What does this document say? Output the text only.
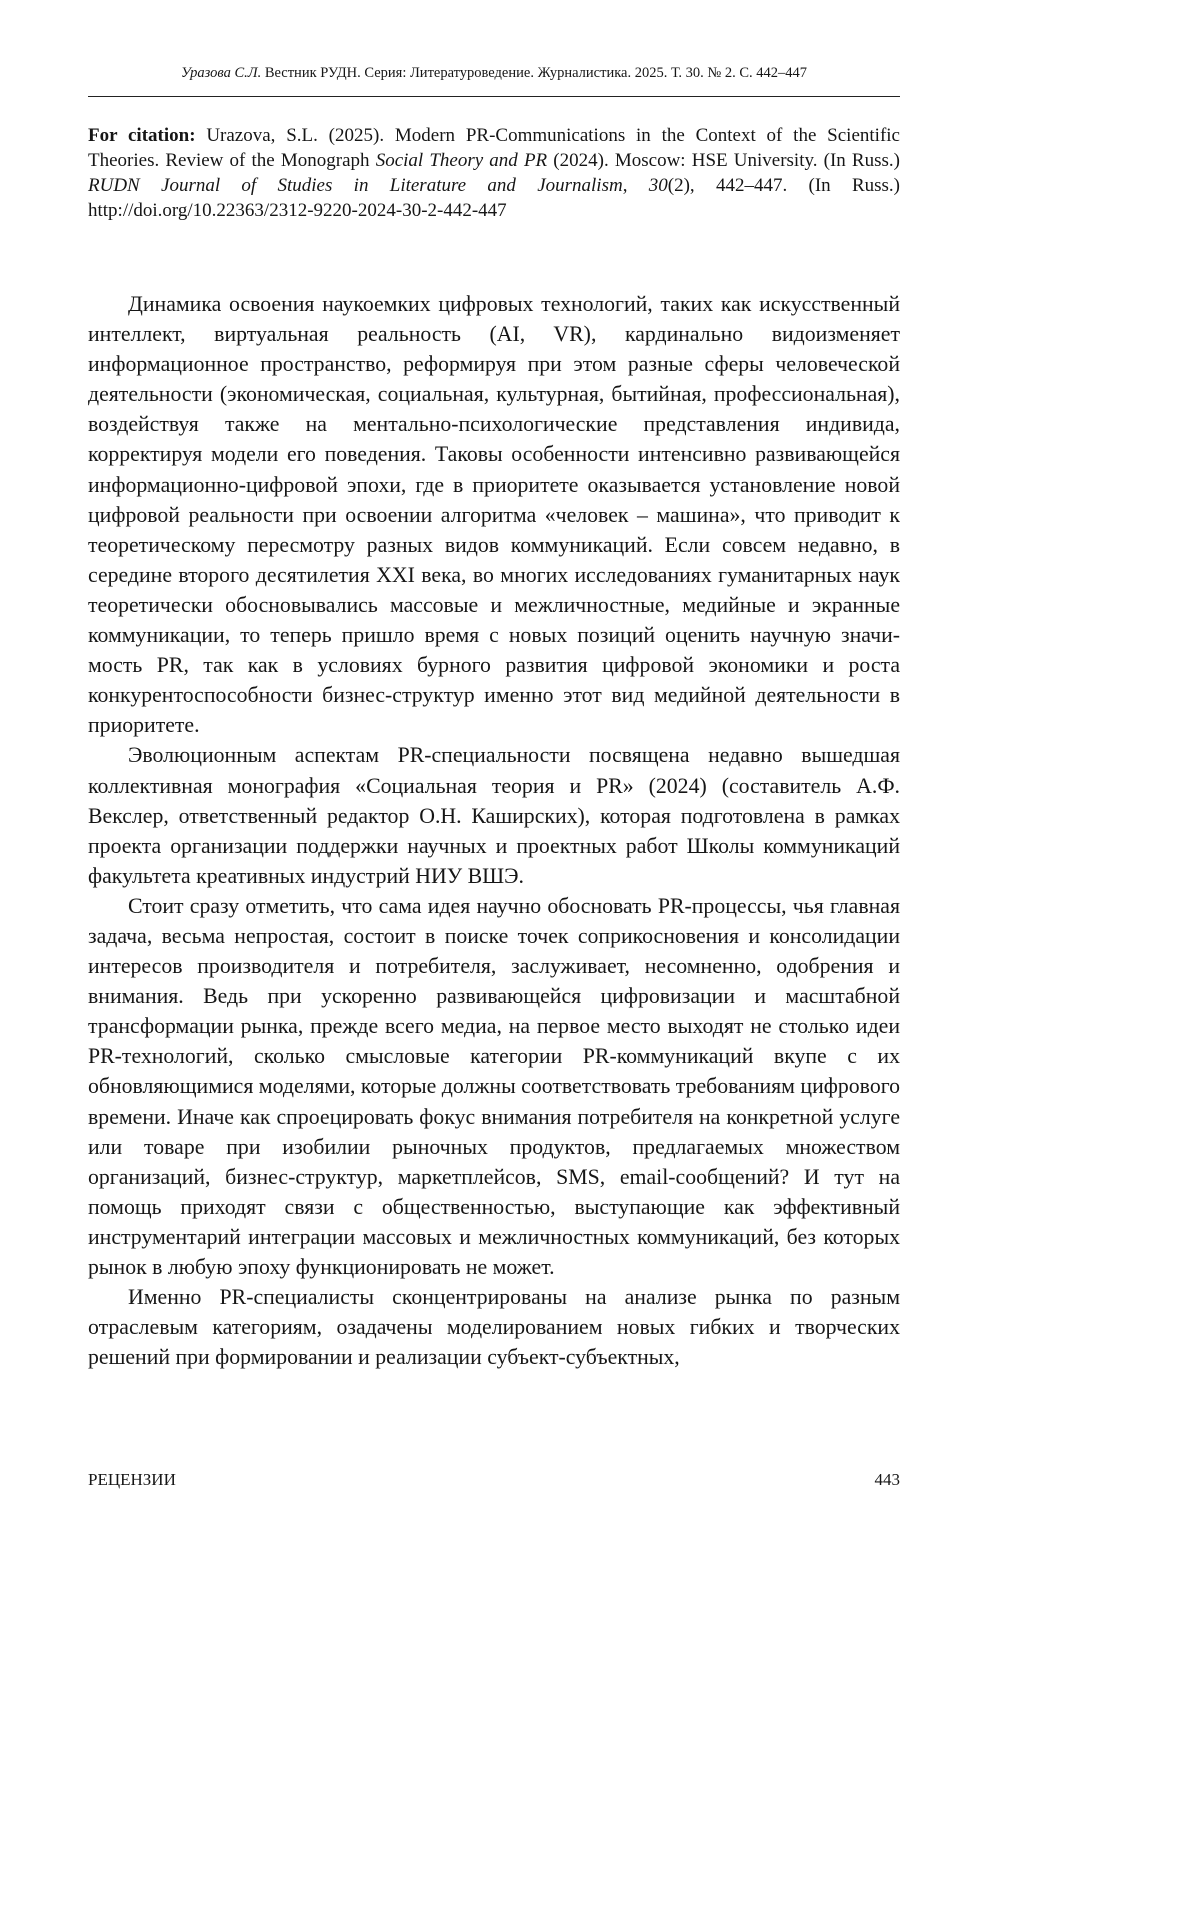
Уразова С.Л. Вестник РУДН. Серия: Литературоведение. Журналистика. 2025. Т. 30. № 2. С. 442–447
For citation: Urazova, S.L. (2025). Modern PR-Communications in the Context of the Scientific Theories. Review of the Monograph Social Theory and PR (2024). Moscow: HSE University. (In Russ.) RUDN Journal of Studies in Literature and Journalism, 30(2), 442–447. (In Russ.) http://doi.org/10.22363/2312-9220-2024-30-2-442-447

Динамика освоения наукоемких цифровых технологий, таких как искусственный интеллект, виртуальная реальность (AI, VR), кардинально видоизменяет информационное пространство, реформируя при этом разные сферы человеческой деятельности (экономическая, социальная, культурная, бытийная, профессиональная), воздействуя также на ментально-психологические представления индивида, корректируя модели его поведения. Таковы особенности интенсивно развивающейся информационно-цифровой эпохи, где в приоритете оказывается установление новой цифровой реальности при освоении алгоритма «человек – машина», что приводит к теоретическому пересмотру разных видов коммуникаций. Если совсем недавно, в середине второго десятилетия XXI века, во многих исследованиях гуманитарных наук теоретически обосновывались массовые и межличностные, медийные и экранные коммуникации, то теперь пришло время с новых позиций оценить научную значимость PR, так как в условиях бурного развития цифровой экономики и роста конкурентоспособности бизнес-структур именно этот вид медийной деятельности в приоритете.

Эволюционным аспектам PR-специальности посвящена недавно вышедшая коллективная монография «Социальная теория и PR» (2024) (составитель А.Ф. Векслер, ответственный редактор О.Н. Каширских), которая подготовлена в рамках проекта организации поддержки научных и проектных работ Школы коммуникаций факультета креативных индустрий НИУ ВШЭ.

Стоит сразу отметить, что сама идея научно обосновать PR-процессы, чья главная задача, весьма непростая, состоит в поиске точек соприкосновения и консолидации интересов производителя и потребителя, заслуживает, несомненно, одобрения и внимания. Ведь при ускоренно развивающейся цифровизации и масштабной трансформации рынка, прежде всего медиа, на первое место выходят не столько идеи PR-технологий, сколько смысловые категории PR-коммуникаций вкупе с их обновляющимися моделями, которые должны соответствовать требованиям цифрового времени. Иначе как спроецировать фокус внимания потребителя на конкретной услуге или товаре при изобилии рыночных продуктов, предлагаемых множеством организаций, бизнес-структур, маркетплейсов, SMS, email-сообщений? И тут на помощь приходят связи с общественностью, выступающие как эффективный инструментарий интеграции массовых и межличностных коммуникаций, без которых рынок в любую эпоху функционировать не может.

Именно PR-специалисты сконцентрированы на анализе рынка по разным отраслевым категориям, озадачены моделированием новых гибких и творческих решений при формировании и реализации субъект-субъектных,

РЕЦЕНЗИИ	443
